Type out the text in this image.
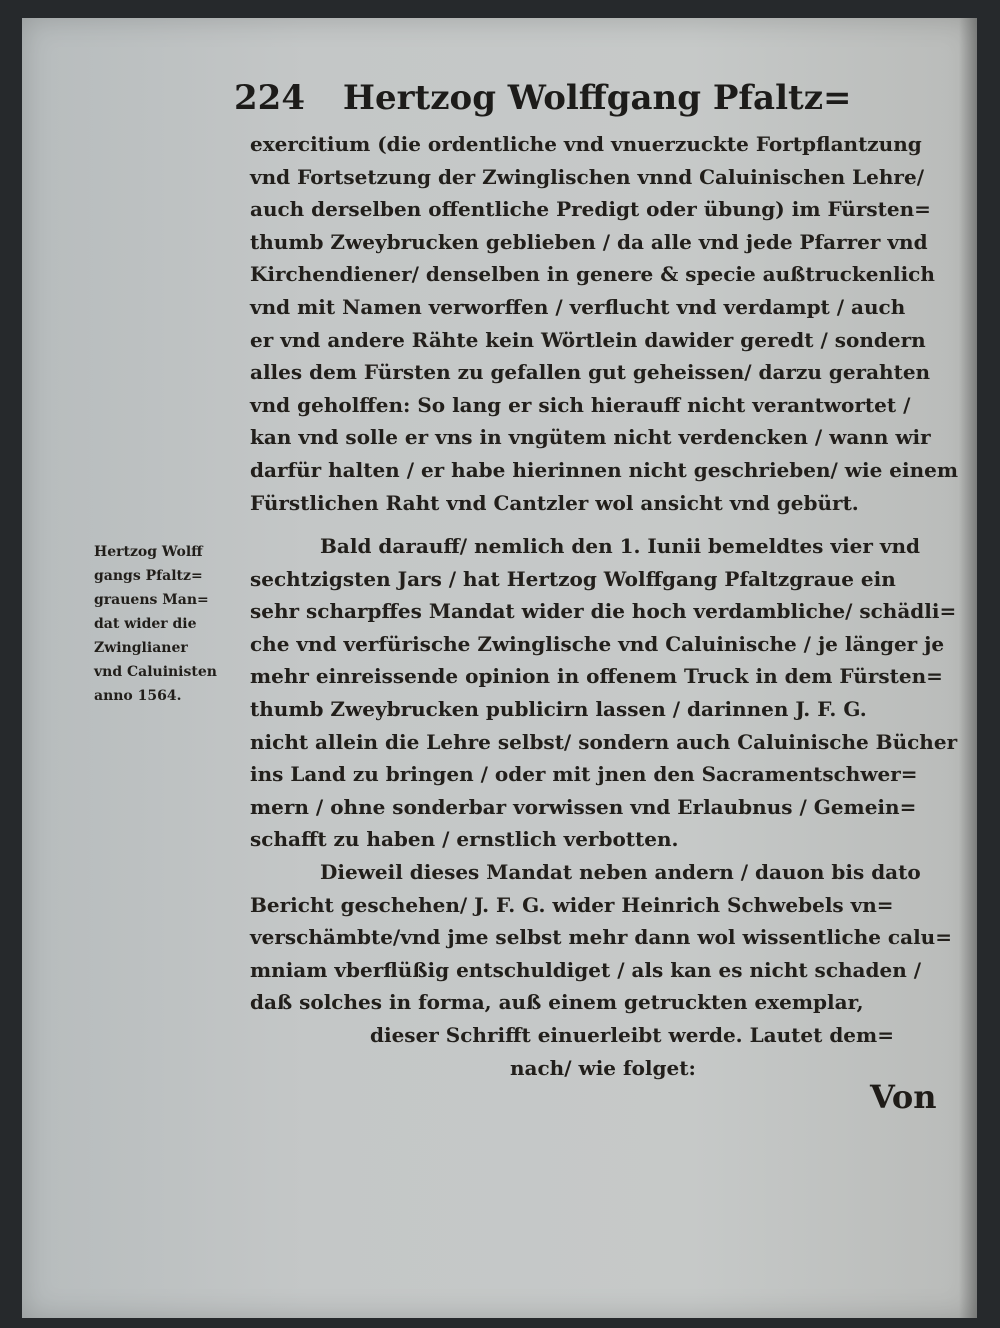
224 Hertzog Wolffgang Pfaltz=
exercitium (die ordentliche vnd vnuerzuckte Fortpflantzung
vnd Fortsetzung der Zwinglischen vnnd Caluinischen Lehre/
auch derselben offentliche Predigt oder übung) im Fürsten=
thumb Zweybrucken geblieben / da alle vnd jede Pfarrer vnd
Kirchendiener/ denselben in genere & specie außtruckenlich
vnd mit Namen verworffen / verflucht vnd verdampt / auch
er vnd andere Rähte kein Wörtlein dawider geredt / sondern
alles dem Fürsten zu gefallen gut geheissen/ darzu gerahten
vnd geholffen: So lang er sich hierauff nicht verantwortet /
kan vnd solle er vns in vngütem nicht verdencken / wann wir
darfür halten / er habe hierinnen nicht geschrieben/ wie einem
Fürstlichen Raht vnd Cantzler wol ansicht vnd gebürt.
Hertzog Wolff
gangs Pfaltz=
grauens Man=
dat wider die
Zwinglianer
vnd Caluinisten
anno 1564.
Bald darauff/ nemlich den 1. Iunii bemeldtes vier vnd
sechtzigsten Jars / hat Hertzog Wolffgang Pfaltzgraue ein
sehr scharpffes Mandat wider die hoch verdambliche/ schädli=
che vnd verfürische Zwinglische vnd Caluinische / je länger je
mehr einreissende opinion in offenem Truck in dem Fürsten=
thumb Zweybrucken publicirn lassen / darinnen J. F. G.
nicht allein die Lehre selbst/ sondern auch Caluinische Bücher
ins Land zu bringen / oder mit jnen den Sacramentschwer=
mern / ohne sonderbar vorwissen vnd Erlaubnus / Gemein=
schafft zu haben / ernstlich verbotten.
Dieweil dieses Mandat neben andern / dauon bis dato
Bericht geschehen/ J. F. G. wider Heinrich Schwebels vn=
verschämbte/vnd jme selbst mehr dann wol wissentliche calu=
mniam vberflüßig entschuldiget / als kan es nicht schaden /
daß solches in forma, auß einem getruckten exemplar,
dieser Schrifft einuerleibt werde. Lautet dem=
nach/ wie folget:
Von
